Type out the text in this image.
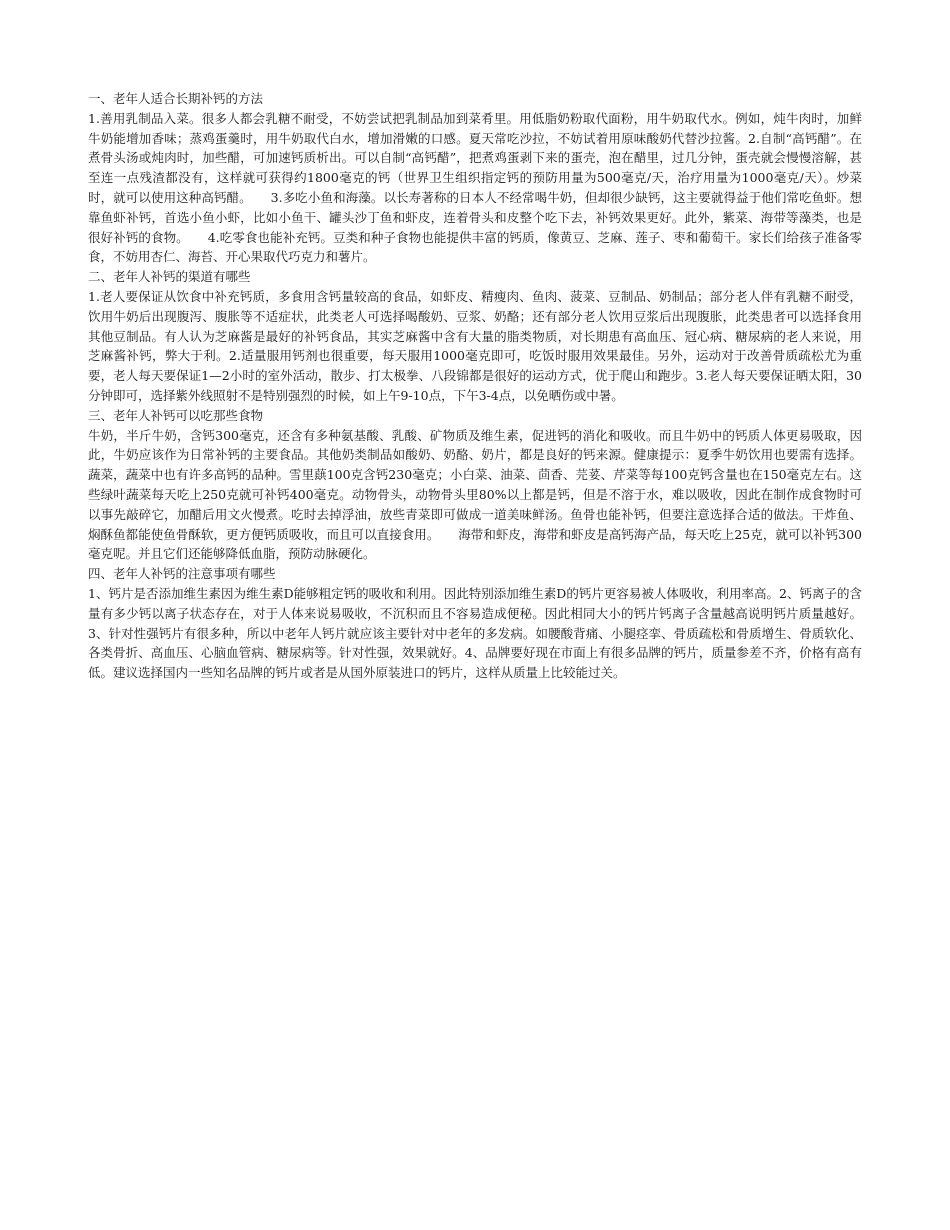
一、老年人适合长期补钙的方法
1.善用乳制品入菜。很多人都会乳糖不耐受，不妨尝试把乳制品加到菜肴里。用低脂奶粉取代面粉，用牛奶取代水。例如，炖牛肉时，加鲜牛奶能增加香味；蒸鸡蛋羹时，用牛奶取代白水，增加滑嫩的口感。夏天常吃沙拉，不妨试着用原味酸奶代替沙拉酱。2.自制“高钙醋”。在煮骨头汤或炖肉时，加些醋，可加速钙质析出。可以自制“高钙醋”，把煮鸡蛋剥下来的蛋壳，泡在醋里，过几分钟，蛋壳就会慢慢溶解，甚至连一点残渣都没有，这样就可获得约1800毫克的钙（世界卫生组织指定钙的预防用量为500毫克/天，治疗用量为1000毫克/天）。炒菜时，就可以使用这种高钙醋。　　3.多吃小鱼和海藻。以长寿著称的日本人不经常喝牛奶，但却很少缺钙，这主要就得益于他们常吃鱼虾。想靠鱼虾补钙，首选小鱼小虾，比如小鱼干、罐头沙丁鱼和虾皮，连着骨头和皮整个吃下去，补钙效果更好。此外，紫菜、海带等藻类，也是很好补钙的食物。　　4.吃零食也能补充钙。豆类和种子食物也能提供丰富的钙质，像黄豆、芝麻、莲子、枣和葡萄干。家长们给孩子准备零食，不妨用杏仁、海苔、开心果取代巧克力和薯片。
二、老年人补钙的渠道有哪些
1.老人要保证从饮食中补充钙质，多食用含钙量较高的食品，如虾皮、精瘦肉、鱼肉、菠菜、豆制品、奶制品；部分老人伴有乳糖不耐受，饮用牛奶后出现腹泻、腹胀等不适症状，此类老人可选择喝酸奶、豆浆、奶酪；还有部分老人饮用豆浆后出现腹胀，此类患者可以选择食用其他豆制品。有人认为芝麻酱是最好的补钙食品，其实芝麻酱中含有大量的脂类物质，对长期患有高血压、冠心病、糖尿病的老人来说，用芝麻酱补钙，弊大于利。2.适量服用钙剂也很重要，每天服用1000毫克即可，吃饭时服用效果最佳。另外，运动对于改善骨质疏松尤为重要，老人每天要保证1—2小时的室外活动，散步、打太极拳、八段锦都是很好的运动方式，优于爬山和跑步。3.老人每天要保证晒太阳，30分钟即可，选择紫外线照射不是特别强烈的时候，如上午9-10点，下午3-4点，以免晒伤或中暑。
三、老年人补钙可以吃那些食物
牛奶，半斤牛奶，含钙300毫克，还含有多种氨基酸、乳酸、矿物质及维生素，促进钙的消化和吸收。而且牛奶中的钙质人体更易吸取，因此，牛奶应该作为日常补钙的主要食品。其他奶类制品如酸奶、奶酪、奶片，都是良好的钙来源。健康提示：夏季牛奶饮用也要需有选择。蔬菜，蔬菜中也有许多高钙的品种。雪里蕻100克含钙230毫克；小白菜、油菜、茴香、芫荽、芹菜等每100克钙含量也在150毫克左右。这些绿叶蔬菜每天吃上250克就可补钙400毫克。动物骨头，动物骨头里80%以上都是钙，但是不溶于水，难以吸收，因此在制作成食物时可以事先敲碎它，加醋后用文火慢煮。吃时去掉浮油，放些青菜即可做成一道美味鲜汤。鱼骨也能补钙，但要注意选择合适的做法。干炸鱼、焖酥鱼都能使鱼骨酥软，更方便钙质吸收，而且可以直接食用。　　海带和虾皮，海带和虾皮是高钙海产品，每天吃上25克，就可以补钙300毫克呢。并且它们还能够降低血脂，预防动脉硬化。
四、老年人补钙的注意事项有哪些
1、钙片是否添加维生素因为维生素D能够粗定钙的吸收和利用。因此特别添加维生素D的钙片更容易被人体吸收，利用率高。2、钙离子的含量有多少钙以离子状态存在，对于人体来说易吸收，不沉积而且不容易造成便秘。因此相同大小的钙片钙离子含量越高说明钙片质量越好。3、针对性强钙片有很多种，所以中老年人钙片就应该主要针对中老年的多发病。如腰酸背痛、小腿痉挛、骨质疏松和骨质增生、骨质软化、各类骨折、高血压、心脑血管病、糖尿病等。针对性强，效果就好。4、品牌要好现在市面上有很多品牌的钙片，质量参差不齐，价格有高有低。建议选择国内一些知名品牌的钙片或者是从国外原装进口的钙片，这样从质量上比较能过关。
